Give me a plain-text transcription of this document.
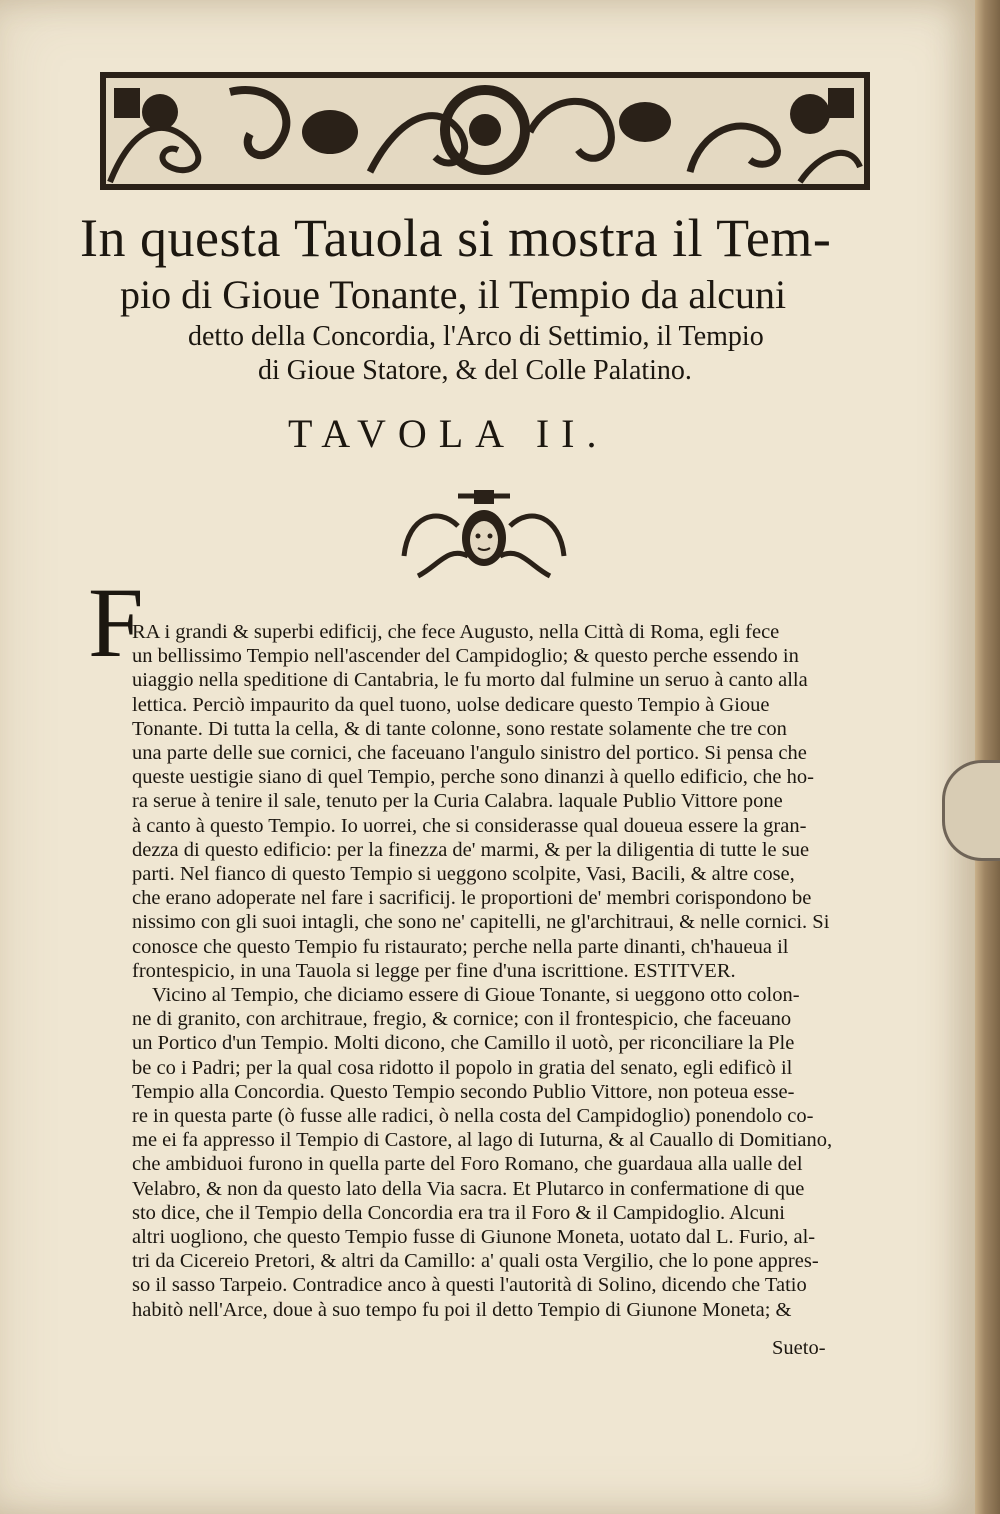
In questa Tauola si mostra il Tem-
pio di Gioue Tonante, il Tempio da alcuni
detto della Concordia, l'Arco di Settimio, il Tempio
di Gioue Statore, & del Colle Palatino.
TAVOLA II.
F
RA i grandi & superbi edificij, che fece Augusto, nella Città di Roma, egli fece
un bellissimo Tempio nell'ascender del Campidoglio; & questo perche essendo in
uiaggio nella speditione di Cantabria, le fu morto dal fulmine un seruo à canto alla
lettica. Perciò impaurito da quel tuono, uolse dedicare questo Tempio à Gioue
Tonante. Di tutta la cella, & di tante colonne, sono restate solamente che tre con
una parte delle sue cornici, che faceuano l'angulo sinistro del portico. Si pensa che
queste uestigie siano di quel Tempio, perche sono dinanzi à quello edificio, che ho-
ra serue à tenire il sale, tenuto per la Curia Calabra. laquale Publio Vittore pone
à canto à questo Tempio. Io uorrei, che si considerasse qual doueua essere la gran-
dezza di questo edificio: per la finezza de' marmi, & per la diligentia di tutte le sue
parti. Nel fianco di questo Tempio si ueggono scolpite, Vasi, Bacili, & altre cose,
che erano adoperate nel fare i sacrificij. le proportioni de' membri corispondono be
nissimo con gli suoi intagli, che sono ne' capitelli, ne gl'architraui, & nelle cornici. Si
conosce che questo Tempio fu ristaurato; perche nella parte dinanti, ch'haueua il
frontespicio, in una Tauola si legge per fine d'una iscrittione. ESTITVER.
Vicino al Tempio, che diciamo essere di Gioue Tonante, si ueggono otto colon-
ne di granito, con architraue, fregio, & cornice; con il frontespicio, che faceuano
un Portico d'un Tempio. Molti dicono, che Camillo il uotò, per riconciliare la Ple
be co i Padri; per la qual cosa ridotto il popolo in gratia del senato, egli edificò il
Tempio alla Concordia. Questo Tempio secondo Publio Vittore, non poteua esse-
re in questa parte (ò fusse alle radici, ò nella costa del Campidoglio) ponendolo co-
me ei fa appresso il Tempio di Castore, al lago di Iuturna, & al Cauallo di Domitiano,
che ambiduoi furono in quella parte del Foro Romano, che guardaua alla ualle del
Velabro, & non da questo lato della Via sacra. Et Plutarco in confermatione di que
sto dice, che il Tempio della Concordia era tra il Foro & il Campidoglio. Alcuni
altri uogliono, che questo Tempio fusse di Giunone Moneta, uotato dal L. Furio, al-
tri da Cicereio Pretori, & altri da Camillo: a' quali osta Vergilio, che lo pone appres-
so il sasso Tarpeio. Contradice anco à questi l'autorità di Solino, dicendo che Tatio
habitò nell'Arce, doue à suo tempo fu poi il detto Tempio di Giunone Moneta; &
Sueto-
